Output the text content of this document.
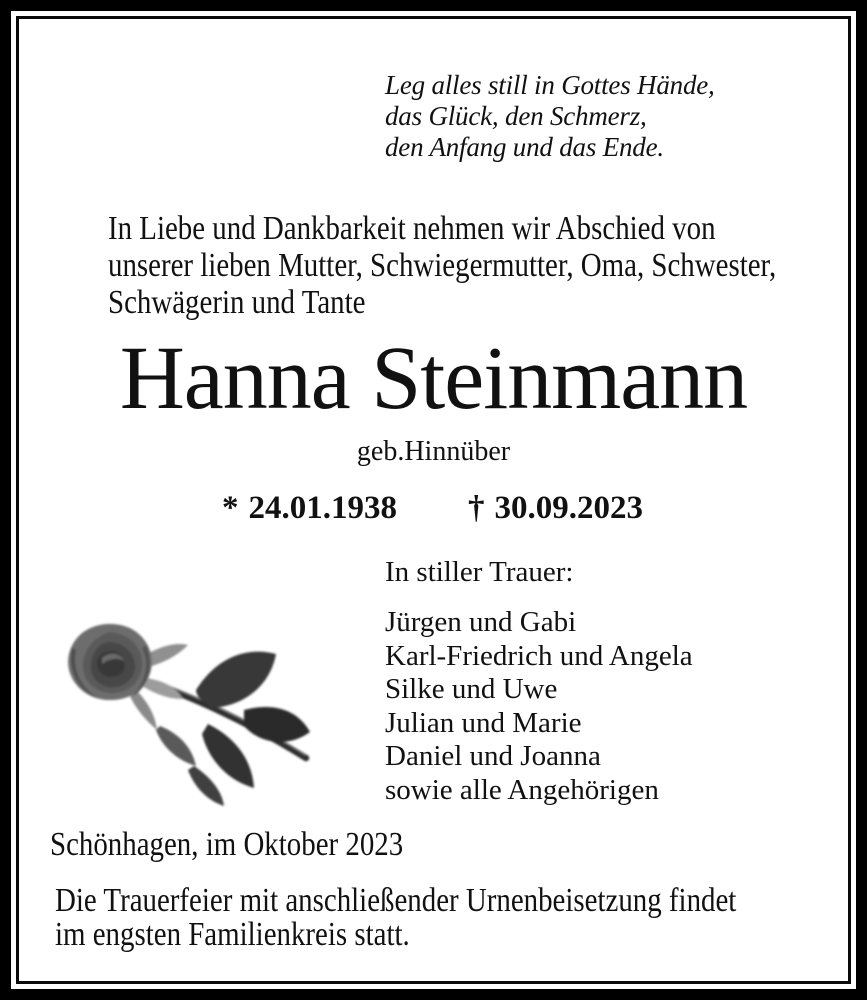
Leg alles still in Gottes Hände,
das Glück, den Schmerz,
den Anfang und das Ende.
In Liebe und Dankbarkeit nehmen wir Abschied von
unserer lieben Mutter, Schwiegermutter, Oma, Schwester,
Schwägerin und Tante
Hanna Steinmann
geb.Hinnüber
* 24.01.1938 † 30.09.2023
In stiller Trauer:
Jürgen und Gabi
Karl-Friedrich und Angela
Silke und Uwe
Julian und Marie
Daniel und Joanna
sowie alle Angehörigen
Schönhagen, im Oktober 2023
Die Trauerfeier mit anschließender Urnenbeisetzung findet
im engsten Familienkreis statt.
